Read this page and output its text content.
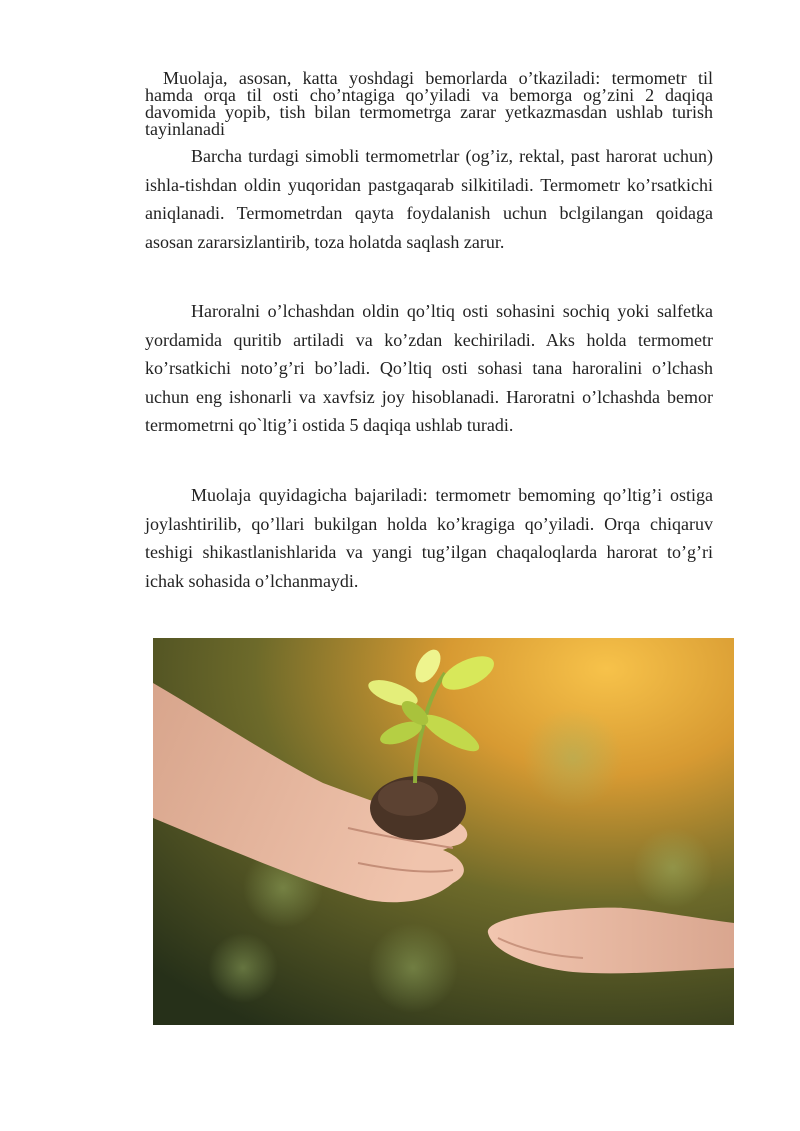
Muolaja, asosan, katta yoshdagi bemorlarda o’tkaziladi: termometr til hamda orqa til osti cho’ntagiga qo’yiladi va bemorga og’zini 2 daqiqa davomida yopib, tish bilan termometrga zarar yetkazmasdan ushlab turish tayinlanadi

Barcha turdagi simobli termometrlar (og’iz, rektal, past harorat uchun) ishla-tishdan oldin yuqoridan pastgaqarab silkitiladi. Termometr ko’rsatkichi aniqlanadi. Termometrdan qayta foydalanish uchun bclgilangan qoidaga asosan zararsizlantirib, toza holatda saqlash zarur.

Haroralni o’lchashdan oldin qo’ltiq osti sohasini sochiq yoki salfetka yordamida quritib artiladi va ko’zdan kechiriladi. Aks holda termometr ko’rsatkichi noto’g’ri bo’ladi. Qo’ltiq osti sohasi tana haroralini o’lchash uchun eng ishonarli va xavfsiz joy hisoblanadi. Haroratni o’lchashda bemor termometrni qo`ltig’i ostida 5 daqiqa ushlab turadi.

Muolaja quyidagicha bajariladi: termometr bemoming qo’ltig’i ostiga joylashtirilib, qo’llari bukilgan holda ko’kragiga qo’yiladi. Orqa chiqaruv teshigi shikastlanishlarida va yangi tug’ilgan chaqaloqlarda harorat to’g’ri ichak sohasida o’lchanmaydi.
